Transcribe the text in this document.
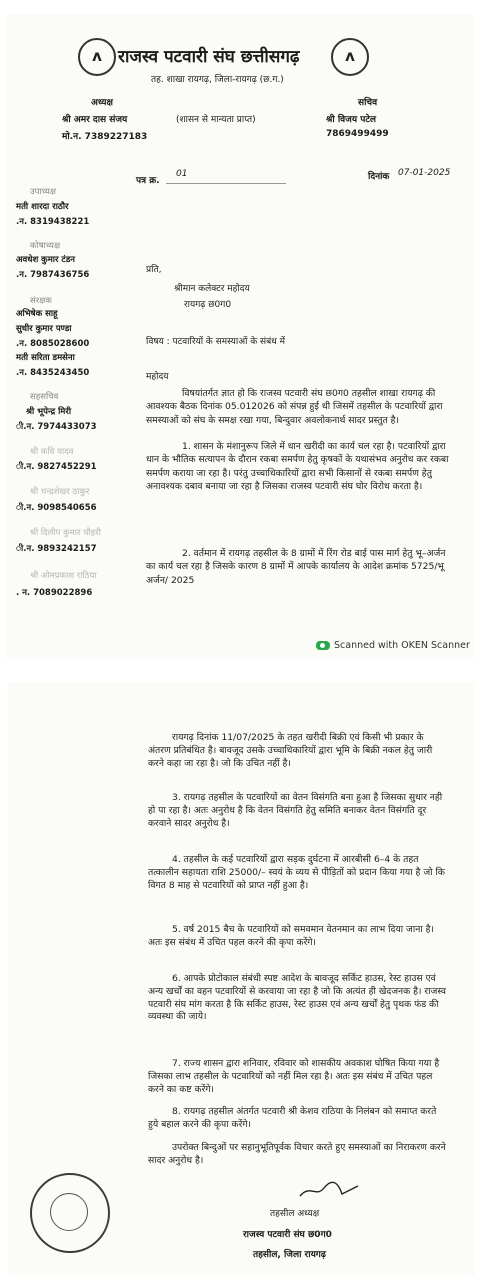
ʌ	ʌ
राजस्व पटवारी संघ छत्तीसगढ़
तह. शाखा रायगढ़, जिला-रायगढ़ (छ.ग.)
अध्यक्ष
श्री अमर दास संजय
मो.न. 7389227183
(शासन से मान्यता प्राप्त)
सचिव
श्री विजय पटेल
7869499499
पत्र क्र.
01	दिनांक 07-01-2025
उपाध्यक्ष
मती शारदा राठौर
.न. 8319438221
कोषाध्यक्ष
अवधेश कुमार टंडन
.न. 7987436756
संरक्षक
अभिषेक साहू
सुधीर कुमार पण्डा
.न. 8085028600
मती सरिता डमसेना
.न. 8435243450
सहसचिव
श्री भूपेन्द्र मिरी
ी.न. 7974433073
श्री कवि यादव
ी.न. 9827452291
श्री चन्द्रशेखर ठाकुर
ी.न. 9098540656
श्री दिलीप कुमार चौहरी
ी.न. 9893242157
श्री ओमप्रकाश राठिया
. न. 7089022896
प्रति,
श्रीमान कलेक्टर महोदय
रायगढ़ छ0ग0
विषय : पटवारियों के समस्याओं के संबंध में
महोदय
विषयांतर्गत ज्ञात हो कि राजस्व पटवारी संघ छ0ग0 तहसील शाखा रायगढ़ की आवश्यक बैठक दिनांक 05.012026 को संपन्न हुई थी जिसमें तहसील के पटवारियों द्वारा समस्याओं को संघ के समक्ष रखा गया, बिन्दुवार अवलोकनार्थ सादर प्रस्तुत है।
1. शासन के मंशानुरूप जिले में धान खरीदी का कार्य चल रहा है। पटवारियों द्वारा धान के भौतिक सत्यापन के दौरान रकबा समर्पण हेतु कृषकों के यथासंभव अनुरोध कर रकबा समर्पण कराया जा रहा है। परंतु उच्चाधिकारियों द्वारा सभी किसानों से रकबा समर्पण हेतु अनावश्यक दबाव बनाया जा रहा है जिसका राजस्व पटवारी संघ घोर विरोध करता है।
2. वर्तमान में रायगढ़ तहसील के 8 ग्रामों में रिंग रोड बाई पास मार्ग हेतु भू–अर्जन का कार्य चल रहा है जिसके कारण 8 ग्रामों में आपके कार्यालय के आदेश क्रमांक 5725/भू अर्जन/ 2025
Scanned with OKEN Scanner
रायगढ़ दिनांक 11/07/2025 के तहत खरीदी बिक्री एवं किसी भी प्रकार के अंतरण प्रतिबंधित है। बावजूद उसके उच्चाधिकारियों द्वारा भूमि के बिक्री नकल हेतु जारी करने कहा जा रहा है। जो कि उचित नहीं है।
3. रायगढ़ तहसील के पटवारियों का वेतन विसंगति बना हुआ है जिसका सुधार नही हो पा रहा है। अतः अनुरोध है कि वेतन विसंगति हेतु समिति बनाकर वेतन विसंगति दूर करवाने सादर अनुरोध है।
4. तहसील के कई पटवारियों द्वारा सड़क दुर्घटना में आरबीसी 6–4 के तहत तत्कालीन सहायता राशि 25000/– स्वयं के व्यय से पीड़ितों को प्रदान किया गया है जो कि विगत 8 माह से पटवारियों को प्राप्त नहीं हुआ है।
5. वर्ष 2015 बैच के पटवारियों को समवमान वेतनमान का लाभ दिया जाना है। अतः इस संबंध में उचित पहल करने की कृपा करेंगे।
6. आपके प्रोटोकाल संबंधी स्पष्ट आदेश के बावजूद सर्किट हाउस, रेस्ट हाउस एवं अन्य खर्चों का वहन पटवारियों से करवाया जा रहा है जो कि अत्यंत ही खेदजनक है। राजस्व पटवारी संघ मांग करता है कि सर्किट हाउस, रेस्ट हाउस एवं अन्य खर्चों हेतु पृथक फंड की व्यवस्था की जाये।
7. राज्य शासन द्वारा शनिवार, रविवार को शासकीय अवकाश घोषित किया गया है जिसका लाभ तहसील के पटवारियों को नहीं मिल रहा है। अतः इस संबंध में उचित पहल करने का कष्ट करेंगे।
8. रायगढ़ तहसील अंतर्गत पटवारी श्री केशव राठिया के निलंबन को समाप्त करते हुये बहाल करने की कृपा करेंगे।
उपरोक्त बिन्दुओं पर सहानुभूतिपूर्वक विचार करते हुए समस्याओं का निराकरण करने सादर अनुरोध है।
तहसील अध्यक्ष
राजस्व पटवारी संघ छ0ग0
तहसील, जिला रायगढ़
